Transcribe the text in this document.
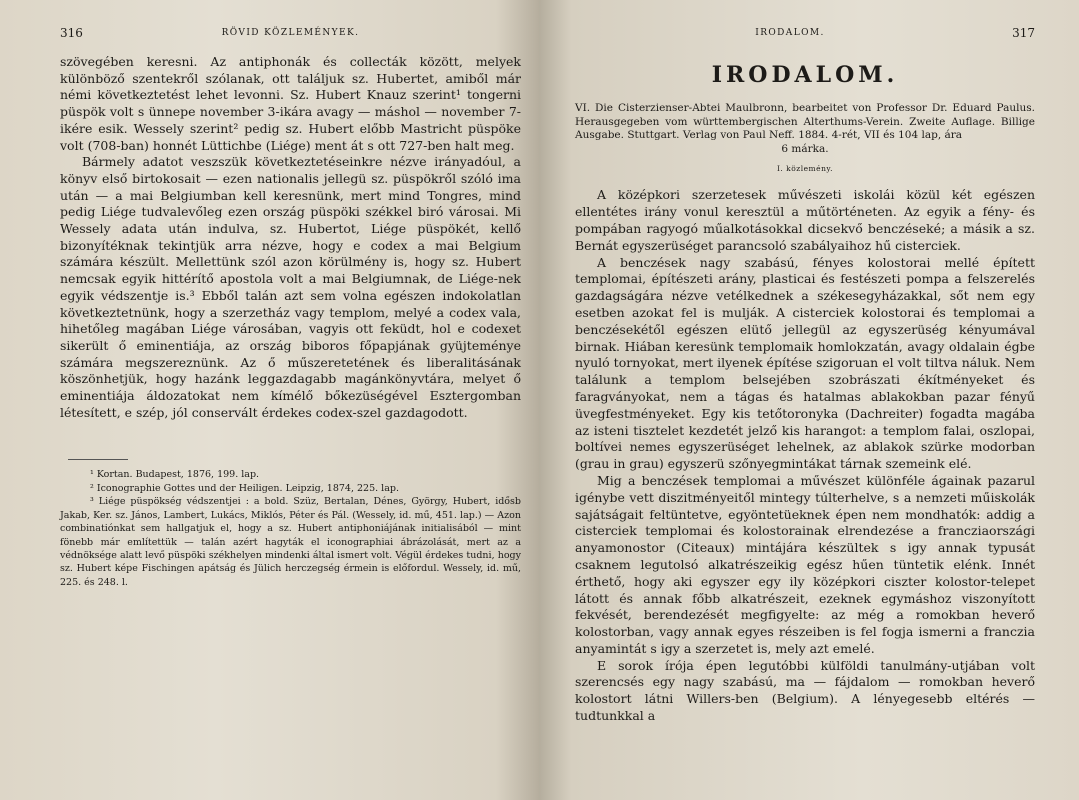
316	RÖVID KÖZLEMÉNYEK.

szövegében keresni. Az antiphonák és collecták között, melyek különböző szentekről szólanak, ott találjuk sz. Hubertet, amiből már némi következtetést lehet levonni. Sz. Hubert Knauz szerint¹ tongerni püspök volt s ünnepe november 3-ikára avagy — máshol — november 7-ikére esik. Wessely szerint² pedig sz. Hubert előbb Mastricht püspöke volt (708-ban) honnét Lüttichbe (Liége) ment át s ott 727-ben halt meg.

Bármely adatot veszszük következtetéseinkre nézve irányadóul, a könyv első birtokosait — ezen nationalis jellegü sz. püspökről szóló ima után — a mai Belgiumban kell keresnünk, mert mind Tongres, mind pedig Liége tudvalevőleg ezen ország püspöki székkel biró városai. Mi Wessely adata után indulva, sz. Hubertot, Liége püspökét, kellő bizonyítéknak tekintjük arra nézve, hogy e codex a mai Belgium számára készült. Mellettünk szól azon körülmény is, hogy sz. Hubert nemcsak egyik hittérítő apostola volt a mai Belgiumnak, de Liége-nek egyik védszentje is.³ Ebből talán azt sem volna egészen indokolatlan következtetnünk, hogy a szerzetház vagy templom, melyé a codex vala, hihetőleg magában Liége városában, vagyis ott feküdt, hol e codexet sikerült ő eminentiája, az ország biboros főpapjának gyüjteménye számára megszereznünk. Az ő műszeretetének és liberalitásának köszönhetjük, hogy hazánk leggazdagabb magánkönyvtára, melyet ő eminentiája áldozatokat nem kímélő bőkezüségével Esztergomban létesített, e szép, jól conservált érdekes codex-szel gazdagodott.

¹ Kortan. Budapest, 1876, 199. lap.

² Iconographie Gottes und der Heiligen. Leipzig, 1874, 225. lap.

³ Liége püspökség védszentjei : a bold. Szüz, Bertalan, Dénes, György, Hubert, idősb Jakab, Ker. sz. János, Lambert, Lukács, Miklós, Péter és Pál. (Wessely, id. mű, 451. lap.) — Azon combinatiónkat sem hallgatjuk el, hogy a sz. Hubert antiphoniájának initialisából — mint fönebb már említettük — talán azért hagyták el iconographiai ábrázolását, mert az a védnöksége alatt levő püspöki székhelyen mindenki által ismert volt. Végül érdekes tudni, hogy sz. Hubert képe Fischingen apátság és Jülich herczegség érmein is előfordul. Wessely, id. mű, 225. és 248. l.

IRODALOM.	317
IRODALOM.
VI. Die Cisterzienser-Abtei Maulbronn, bearbeitet von Professor Dr. Eduard Paulus. Herausgegeben vom württembergischen Alterthums-Verein. Zweite Auflage. Billige Ausgabe. Stuttgart. Verlag von Paul Neff. 1884. 4-rét, VII és 104 lap, ára
6 márka.
I. közlemény.

A középkori szerzetesek művészeti iskolái közül két egészen ellentétes irány vonul keresztül a műtörténeten. Az egyik a fény- és pompában ragyogó műalkotásokkal dicsekvő benczéseké; a másik a sz. Bernát egyszerüséget parancsoló szabályaihoz hű cisterciek.

A benczések nagy szabású, fényes kolostorai mellé épített templomai, építészeti arány, plasticai és festészeti pompa a felszerelés gazdagságára nézve vetélkednek a székesegyházakkal, sőt nem egy esetben azokat fel is mulják. A cisterciek kolostorai és templomai a benczésekétől egészen elütő jellegül az egyszerüség kényumával birnak. Hiában keresünk templomaik homlokzatán, avagy oldalain égbe nyuló tornyokat, mert ilyenek építése szigoruan el volt tiltva náluk. Nem találunk a templom belsejében szobrászati ékítményeket és faragványokat, nem a tágas és hatalmas ablakokban pazar fényű üvegfestményeket. Egy kis tetőtoronyka (Dachreiter) fogadta magába az isteni tisztelet kezdetét jelző kis harangot: a templom falai, oszlopai, boltívei nemes egyszerüséget lehelnek, az ablakok szürke modorban (grau in grau) egyszerü szőnyegmintákat tárnak szemeink elé.

Mig a benczések templomai a művészet különféle ágainak pazarul igénybe vett diszitményeitől mintegy túlterhelve, s a nemzeti műiskolák sajátságait feltüntetve, egyöntetüeknek épen nem mondhatók: addig a cisterciek templomai és kolostorainak elrendezése a francziaországi anyamonostor (Citeaux) mintájára készültek s igy annak typusát csaknem legutolsó alkatrészeikig egész hűen tüntetik elénk. Innét érthető, hogy aki egyszer egy ily középkori ciszter kolostor-telepet látott és annak főbb alkatrészeit, ezeknek egymáshoz viszonyított fekvését, berendezését megfigyelte: az még a romokban heverő kolostorban, vagy annak egyes részeiben is fel fogja ismerni a franczia anyamintát s igy a szerzetet is, mely azt emelé.

E sorok írója épen legutóbbi külföldi tanulmány-utjában volt szerencsés egy nagy szabású, ma — fájdalom — romokban heverő kolostort látni Willers-ben (Belgium). A lényegesebb eltérés — tudtunkkal a
